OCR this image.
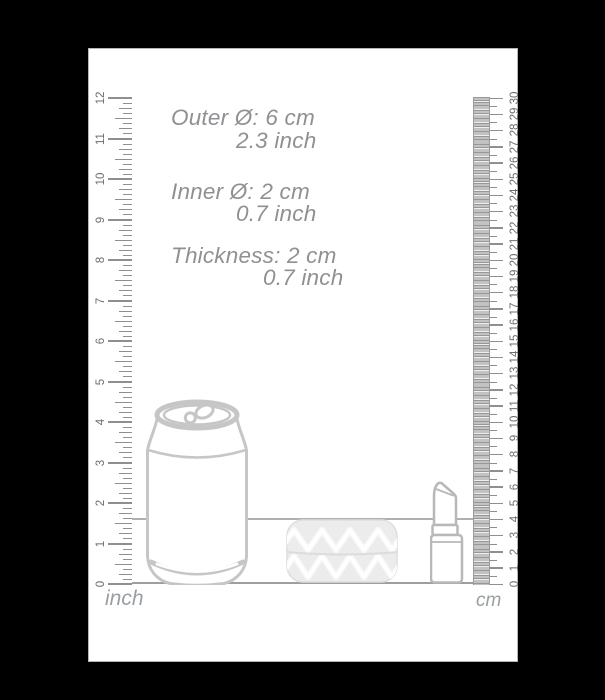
Outer Ø: 6 cm
2.3 inch
Inner Ø: 2 cm
0.7 inch
Thickness: 2 cm
0.7 inch
0
1
2
3
4
5
6
7
8
9
10
11
12
inch
0
1
2
3
4
5
6
7
8
9
10
11
12
13
14
15
16
17
18
19
20
21
22
23
24
25
26
27
28
29
30
cm
